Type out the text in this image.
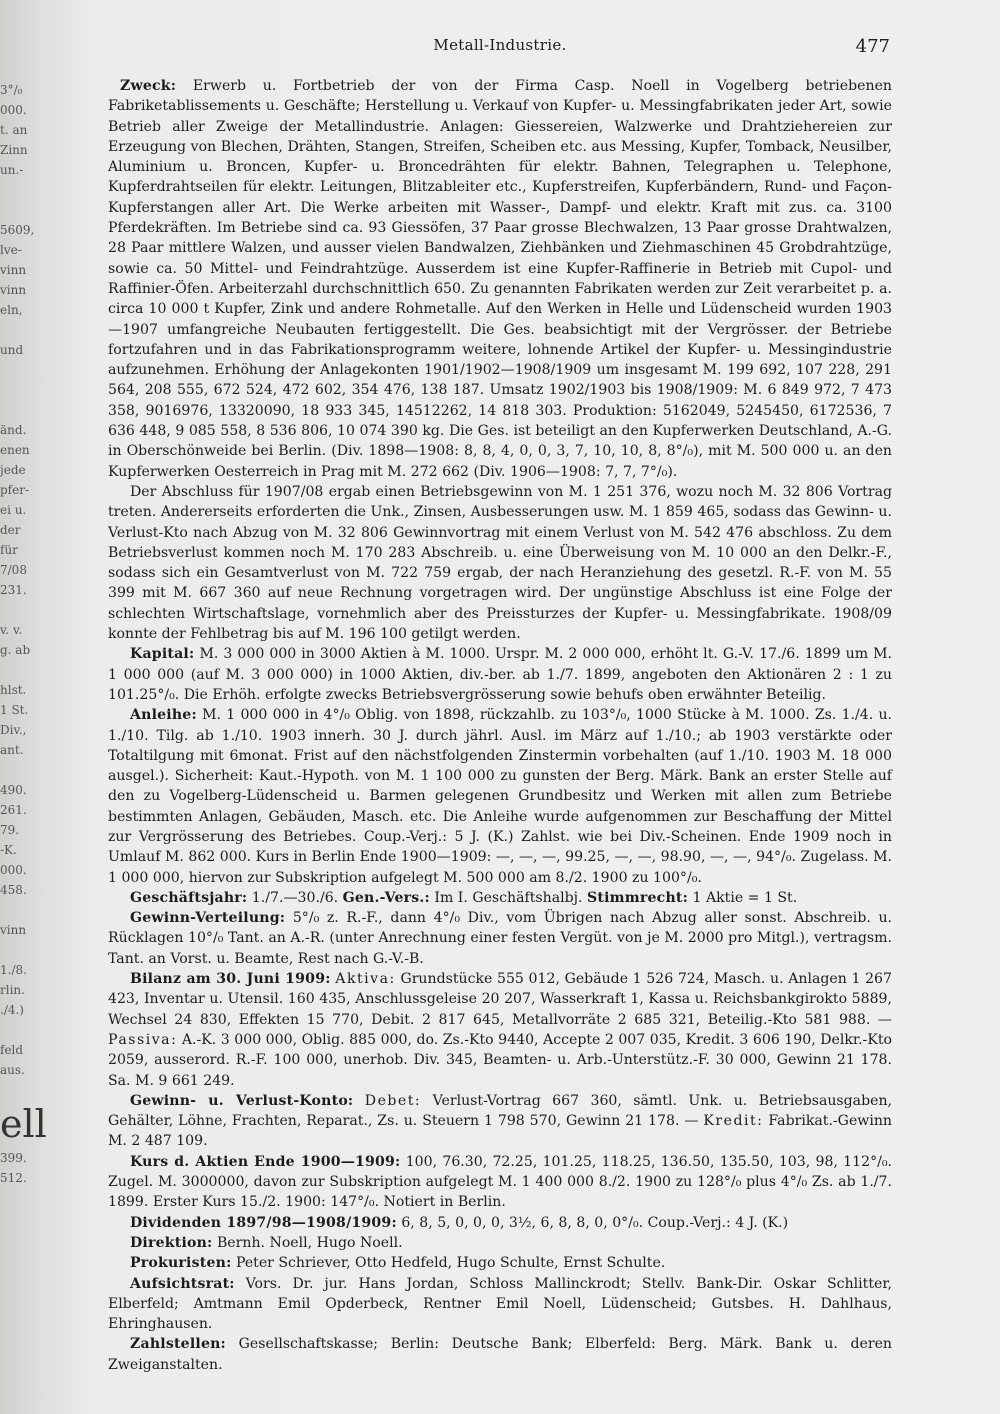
3°/₀
000.
t. an
Zinn
un.-
5609,
lve-
vinn
vinn
eln,
und
änd.
enen
jede
pfer-
ei u.
der
für
7/08
231.
v. v.
g. ab
hlst.
1 St.
Div.,
ant.
490.
261.
79.
-K.
000.
458.
vinn
1./8.
rlin.
./4.)
feld
aus.
ell
399.
512.
Metall-Industrie.	477

Zweck: Erwerb u. Fortbetrieb der von der Firma Casp. Noell in Vogelberg betriebenen Fabriketablissements u. Geschäfte; Herstellung u. Verkauf von Kupfer- u. Messingfabrikaten jeder Art, sowie Betrieb aller Zweige der Metallindustrie. Anlagen: Giessereien, Walzwerke und Drahtziehereien zur Erzeugung von Blechen, Drähten, Stangen, Streifen, Scheiben etc. aus Messing, Kupfer, Tomback, Neusilber, Aluminium u. Broncen, Kupfer- u. Broncedrähten für elektr. Bahnen, Telegraphen u. Telephone, Kupferdrahtseilen für elektr. Leitungen, Blitzableiter etc., Kupferstreifen, Kupferbändern, Rund- und Façon-Kupferstangen aller Art. Die Werke arbeiten mit Wasser-, Dampf- und elektr. Kraft mit zus. ca. 3100 Pferdekräften. Im Betriebe sind ca. 93 Giessöfen, 37 Paar grosse Blechwalzen, 13 Paar grosse Drahtwalzen, 28 Paar mittlere Walzen, und ausser vielen Bandwalzen, Ziehbänken und Ziehmaschinen 45 Grobdrahtzüge, sowie ca. 50 Mittel- und Feindrahtzüge. Ausserdem ist eine Kupfer-Raffinerie in Betrieb mit Cupol- und Raffinier-Öfen. Arbeiterzahl durchschnittlich 650. Zu genannten Fabrikaten werden zur Zeit verarbeitet p. a. circa 10 000 t Kupfer, Zink und andere Rohmetalle. Auf den Werken in Helle und Lüdenscheid wurden 1903—1907 umfangreiche Neubauten fertiggestellt. Die Ges. beabsichtigt mit der Vergrösser. der Betriebe fortzufahren und in das Fabrikationsprogramm weitere, lohnende Artikel der Kupfer- u. Messingindustrie aufzunehmen. Erhöhung der Anlagekonten 1901/1902—1908/1909 um insgesamt M. 199 692, 107 228, 291 564, 208 555, 672 524, 472 602, 354 476, 138 187. Umsatz 1902/1903 bis 1908/1909: M. 6 849 972, 7 473 358, 9016976, 13320090, 18 933 345, 14512262, 14 818 303. Produktion: 5162049, 5245450, 6172536, 7 636 448, 9 085 558, 8 536 806, 10 074 390 kg. Die Ges. ist beteiligt an den Kupferwerken Deutschland, A.-G. in Oberschönweide bei Berlin. (Div. 1898—1908: 8, 8, 4, 0, 0, 3, 7, 10, 10, 8, 8°/₀), mit M. 500 000 u. an den Kupferwerken Oesterreich in Prag mit M. 272 662 (Div. 1906—1908: 7, 7, 7°/₀).

Der Abschluss für 1907/08 ergab einen Betriebsgewinn von M. 1 251 376, wozu noch M. 32 806 Vortrag treten. Andererseits erforderten die Unk., Zinsen, Ausbesserungen usw. M. 1 859 465, sodass das Gewinn- u. Verlust-Kto nach Abzug von M. 32 806 Gewinnvortrag mit einem Verlust von M. 542 476 abschloss. Zu dem Betriebsverlust kommen noch M. 170 283 Abschreib. u. eine Überweisung von M. 10 000 an den Delkr.-F., sodass sich ein Gesamtverlust von M. 722 759 ergab, der nach Heranziehung des gesetzl. R.-F. von M. 55 399 mit M. 667 360 auf neue Rechnung vorgetragen wird. Der ungünstige Abschluss ist eine Folge der schlechten Wirtschaftslage, vornehmlich aber des Preissturzes der Kupfer- u. Messingfabrikate. 1908/09 konnte der Fehlbetrag bis auf M. 196 100 getilgt werden.

Kapital: M. 3 000 000 in 3000 Aktien à M. 1000. Urspr. M. 2 000 000, erhöht lt. G.-V. 17./6. 1899 um M. 1 000 000 (auf M. 3 000 000) in 1000 Aktien, div.-ber. ab 1./7. 1899, angeboten den Aktionären 2 : 1 zu 101.25°/₀. Die Erhöh. erfolgte zwecks Betriebsvergrösserung sowie behufs oben erwähnter Beteilig.

Anleihe: M. 1 000 000 in 4°/₀ Oblig. von 1898, rückzahlb. zu 103°/₀, 1000 Stücke à M. 1000. Zs. 1./4. u. 1./10. Tilg. ab 1./10. 1903 innerh. 30 J. durch jährl. Ausl. im März auf 1./10.; ab 1903 verstärkte oder Totaltilgung mit 6monat. Frist auf den nächstfolgenden Zinstermin vorbehalten (auf 1./10. 1903 M. 18 000 ausgel.). Sicherheit: Kaut.-Hypoth. von M. 1 100 000 zu gunsten der Berg. Märk. Bank an erster Stelle auf den zu Vogelberg-Lüdenscheid u. Barmen gelegenen Grundbesitz und Werken mit allen zum Betriebe bestimmten Anlagen, Gebäuden, Masch. etc. Die Anleihe wurde aufgenommen zur Beschaffung der Mittel zur Vergrösserung des Betriebes. Coup.-Verj.: 5 J. (K.) Zahlst. wie bei Div.-Scheinen. Ende 1909 noch in Umlauf M. 862 000. Kurs in Berlin Ende 1900—1909: —, —, —, 99.25, —, —, 98.90, —, —, 94°/₀. Zugelass. M. 1 000 000, hiervon zur Subskription aufgelegt M. 500 000 am 8./2. 1900 zu 100°/₀.

Geschäftsjahr: 1./7.—30./6. Gen.-Vers.: Im I. Geschäftshalbj. Stimmrecht: 1 Aktie = 1 St.

Gewinn-Verteilung: 5°/₀ z. R.-F., dann 4°/₀ Div., vom Übrigen nach Abzug aller sonst. Abschreib. u. Rücklagen 10°/₀ Tant. an A.-R. (unter Anrechnung einer festen Vergüt. von je M. 2000 pro Mitgl.), vertragsm. Tant. an Vorst. u. Beamte, Rest nach G.-V.-B.

Bilanz am 30. Juni 1909: Aktiva: Grundstücke 555 012, Gebäude 1 526 724, Masch. u. Anlagen 1 267 423, Inventar u. Utensil. 160 435, Anschlussgeleise 20 207, Wasserkraft 1, Kassa u. Reichsbankgirokto 5889, Wechsel 24 830, Effekten 15 770, Debit. 2 817 645, Metallvorräte 2 685 321, Beteilig.-Kto 581 988. — Passiva: A.-K. 3 000 000, Oblig. 885 000, do. Zs.-Kto 9440, Accepte 2 007 035, Kredit. 3 606 190, Delkr.-Kto 2059, ausserord. R.-F. 100 000, unerhob. Div. 345, Beamten- u. Arb.-Unterstütz.-F. 30 000, Gewinn 21 178. Sa. M. 9 661 249.

Gewinn- u. Verlust-Konto: Debet: Verlust-Vortrag 667 360, sämtl. Unk. u. Betriebsausgaben, Gehälter, Löhne, Frachten, Reparat., Zs. u. Steuern 1 798 570, Gewinn 21 178. — Kredit: Fabrikat.-Gewinn M. 2 487 109.

Kurs d. Aktien Ende 1900—1909: 100, 76.30, 72.25, 101.25, 118.25, 136.50, 135.50, 103, 98, 112°/₀. Zugel. M. 3000000, davon zur Subskription aufgelegt M. 1 400 000 8./2. 1900 zu 128°/₀ plus 4°/₀ Zs. ab 1./7. 1899. Erster Kurs 15./2. 1900: 147°/₀. Notiert in Berlin.

Dividenden 1897/98—1908/1909: 6, 8, 5, 0, 0, 0, 3½, 6, 8, 8, 0, 0°/₀. Coup.-Verj.: 4 J. (K.)

Direktion: Bernh. Noell, Hugo Noell.

Prokuristen: Peter Schriever, Otto Hedfeld, Hugo Schulte, Ernst Schulte.

Aufsichtsrat: Vors. Dr. jur. Hans Jordan, Schloss Mallinckrodt; Stellv. Bank-Dir. Oskar Schlitter, Elberfeld; Amtmann Emil Opderbeck, Rentner Emil Noell, Lüdenscheid; Gutsbes. H. Dahlhaus, Ehringhausen.

Zahlstellen: Gesellschaftskasse; Berlin: Deutsche Bank; Elberfeld: Berg. Märk. Bank u. deren Zweiganstalten.
